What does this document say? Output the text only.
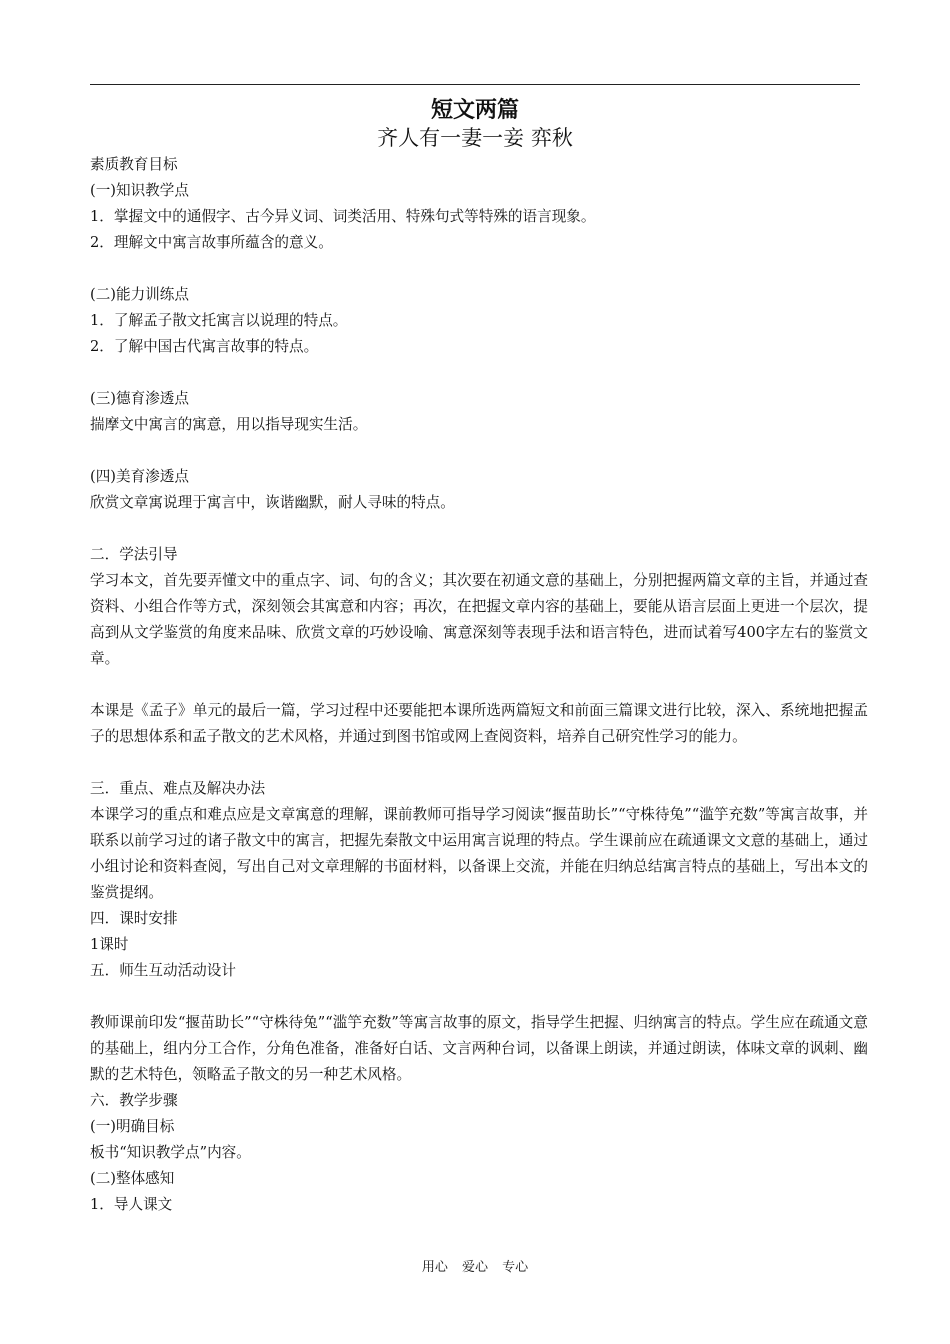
短文两篇
齐人有一妻一妾 弈秋

素质教育目标

(一)知识教学点

1．掌握文中的通假字、古今异义词、词类活用、特殊句式等特殊的语言现象。

2．理解文中寓言故事所蕴含的意义。

(二)能力训练点

1．了解孟子散文托寓言以说理的特点。

2．了解中国古代寓言故事的特点。

(三)德育渗透点

揣摩文中寓言的寓意，用以指导现实生活。

(四)美育渗透点

欣赏文章寓说理于寓言中，诙谐幽默，耐人寻味的特点。

二．学法引导

学习本文，首先要弄懂文中的重点字、词、句的含义；其次要在初通文意的基础上，分别把握两篇文章的主旨，并通过查资料、小组合作等方式，深刻领会其寓意和内容；再次，在把握文章内容的基础上，要能从语言层面上更进一个层次，提高到从文学鉴赏的角度来品味、欣赏文章的巧妙设喻、寓意深刻等表现手法和语言特色，进而试着写400字左右的鉴赏文章。

本课是《孟子》单元的最后一篇，学习过程中还要能把本课所选两篇短文和前面三篇课文进行比较，深入、系统地把握孟子的思想体系和孟子散文的艺术风格，并通过到图书馆或网上查阅资料，培养自己研究性学习的能力。

三．重点、难点及解决办法

本课学习的重点和难点应是文章寓意的理解，课前教师可指导学习阅读“揠苗助长”“守株待兔”“滥竽充数”等寓言故事，并联系以前学习过的诸子散文中的寓言，把握先秦散文中运用寓言说理的特点。学生课前应在疏通课文文意的基础上，通过小组讨论和资料查阅，写出自己对文章理解的书面材料，以备课上交流，并能在归纳总结寓言特点的基础上，写出本文的鉴赏提纲。

四．课时安排

1课时

五．师生互动活动设计

教师课前印发“揠苗助长”“守株待兔”“滥竽充数”等寓言故事的原文，指导学生把握、归纳寓言的特点。学生应在疏通文意的基础上，组内分工合作，分角色准备，准备好白话、文言两种台词，以备课上朗读，并通过朗读，体味文章的讽刺、幽默的艺术特色，领略孟子散文的另一种艺术风格。

六．教学步骤

(一)明确目标

板书“知识教学点”内容。

(二)整体感知

1．导人课文

用心 爱心 专心
